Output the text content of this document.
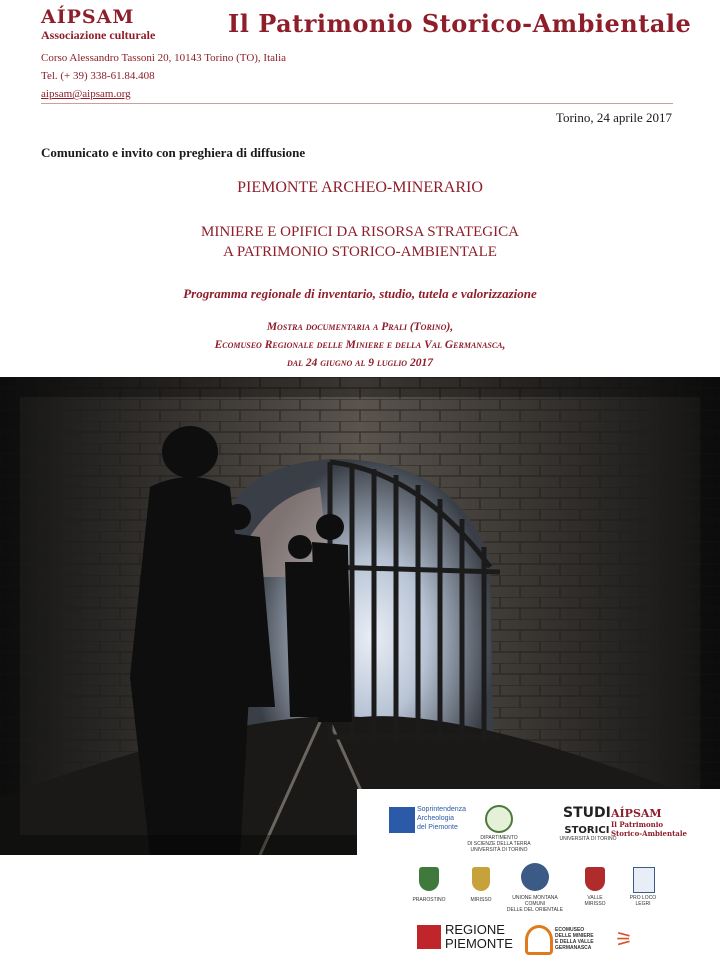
AÍPSAM
Associazione culturale	Il Patrimonio Storico-Ambientale
Corso Alessandro Tassoni 20, 10143 Torino (TO), Italia
Tel. (+ 39) 338-61.84.408
aipsam@aipsam.org
Torino, 24 aprile 2017
Comunicato e invito con preghiera di diffusione
PIEMONTE ARCHEO-MINERARIO
MINIERE E OPIFICI DA RISORSA STRATEGICA
A PATRIMONIO STORICO-AMBIENTALE
Programma regionale di inventario, studio, tutela e valorizzazione
Mostra documentaria a Prali (Torino),
Ecomuseo Regionale delle Miniere e della Val Germanasca,
dal 24 giugno al 9 luglio 2017
Soprintendenza
Archeologia
del Piemonte
DIPARTIMENTO
DI SCIENZE DELLA TERRA
UNIVERSITÀ DI TORINO
STUDI
STORICI
UNIVERSITÀ DI TORINO
AÍPSAM
Il Patrimonio
Storico-Ambientale
PRAROSTINO	MIRISSO	UNIONE MONTANA
COMUNI
DELLE DEL ORIENTALE
VALLE
MIRISSO
PRO LOCO
LEGRI
REGIONE
PIEMONTE
ECOMUSEO
DELLE MINIERE
E DELLA VALLE
GERMANASCA ⚞
